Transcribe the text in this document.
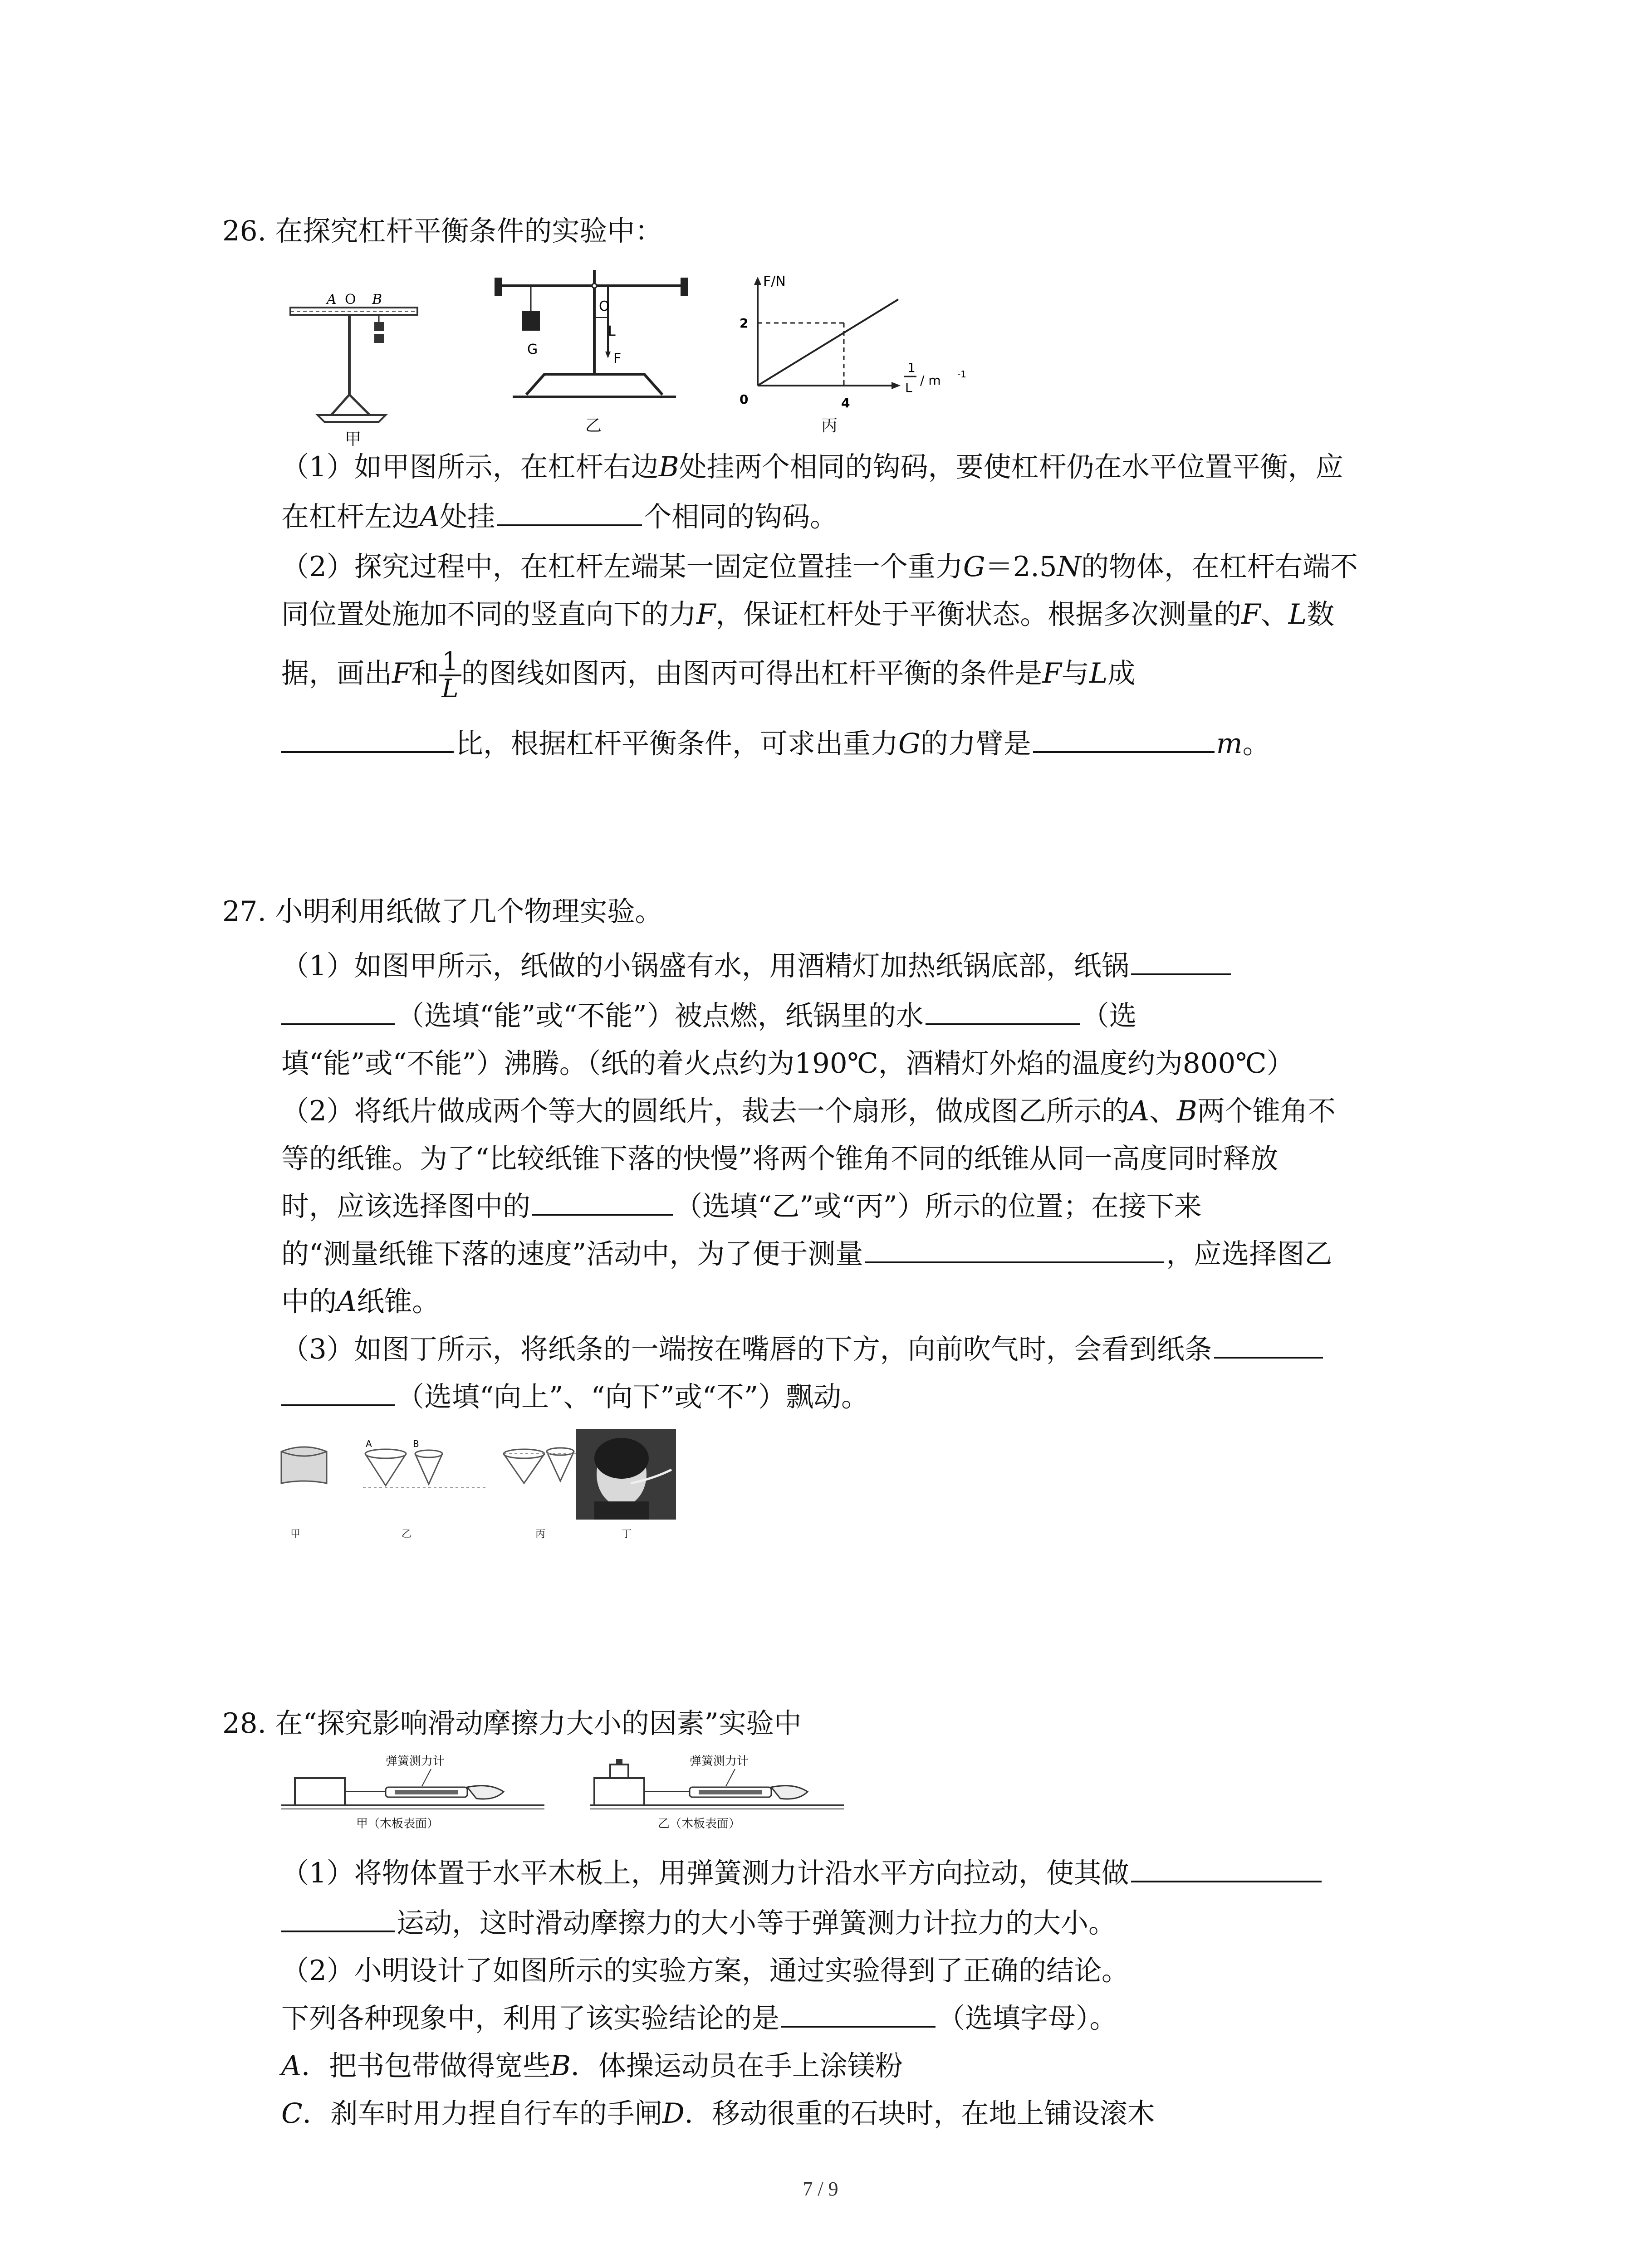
26. 在探究杠杆平衡条件的实验中：
A O B
甲
O
G
L
F
乙
F/N
2
0	4
1
L / m -1
丙
（1）如甲图所示，在杠杆右边B处挂两个相同的钩码，要使杠杆仍在水平位置平衡，应
在杠杆左边A处挂	个相同的钩码。
（2）探究过程中，在杠杆左端某一固定位置挂一个重力G＝2.5N的物体，在杠杆右端不
同位置处施加不同的竖直向下的力F，保证杠杆处于平衡状态。根据多次测量的F、L数
据，画出F和 $\frac{1}{L}$ 的图线如图丙，由图丙可得出杠杆平衡的条件是F与L成
比，根据杠杆平衡条件，可求出重力G的力臂是	m。
27. 小明利用纸做了几个物理实验。
（1）如图甲所示，纸做的小锅盛有水，用酒精灯加热纸锅底部，纸锅
（选填“能”或“不能”）被点燃，纸锅里的水	（选
填“能”或“不能”）沸腾。（纸的着火点约为190℃，酒精灯外焰的温度约为800℃）
（2）将纸片做成两个等大的圆纸片，裁去一个扇形，做成图乙所示的A、B两个锥角不
等的纸锥。为了“比较纸锥下落的快慢”将两个锥角不同的纸锥从同一高度同时释放
时，应该选择图中的	（选填“乙”或“丙”）所示的位置；在接下来
的“测量纸锥下落的速度”活动中，为了便于测量	，应选择图乙
中的A纸锥。
（3）如图丁所示，将纸条的一端按在嘴唇的下方，向前吹气时，会看到纸条
（选填“向上”、“向下”或“不”）飘动。
A	B
甲	乙	丙	丁
28. 在“探究影响滑动摩擦力大小的因素”实验中
弹簧测力计
甲（木板表面）
弹簧测力计
乙（木板表面）
（1）将物体置于水平木板上，用弹簧测力计沿水平方向拉动，使其做
运动，这时滑动摩擦力的大小等于弹簧测力计拉力的大小。
（2）小明设计了如图所示的实验方案，通过实验得到了正确的结论。
下列各种现象中，利用了该实验结论的是	（选填字母）。
A．把书包带做得宽些B．体操运动员在手上涂镁粉
C．刹车时用力捏自行车的手闸D．移动很重的石块时，在地上铺设滚木
7 / 9
